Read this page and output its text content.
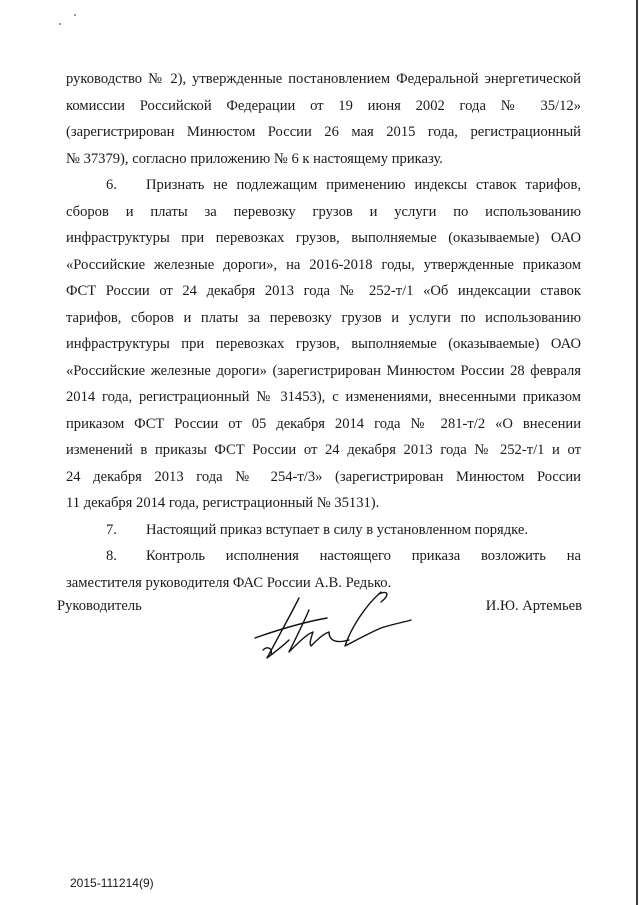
руководство № 2), утвержденные постановлением Федеральной энергетической
комиссии Российской Федерации от 19 июня 2002 года № 35/12»
(зарегистрирован Минюстом России 26 мая 2015 года, регистрационный
№ 37379), согласно приложению № 6 к настоящему приказу.
6. Признать не подлежащим применению индексы ставок тарифов,
сборов и платы за перевозку грузов и услуги по использованию
инфраструктуры при перевозках грузов, выполняемые (оказываемые) ОАО
«Российские железные дороги», на 2016-2018 годы, утвержденные приказом
ФСТ России от 24 декабря 2013 года № 252-т/1 «Об индексации ставок
тарифов, сборов и платы за перевозку грузов и услуги по использованию
инфраструктуры при перевозках грузов, выполняемые (оказываемые) ОАО
«Российские железные дороги» (зарегистрирован Минюстом России 28 февраля
2014 года, регистрационный № 31453), с изменениями, внесенными приказом
приказом ФСТ России от 05 декабря 2014 года № 281-т/2 «О внесении
изменений в приказы ФСТ России от 24 декабря 2013 года № 252-т/1 и от
24 декабря 2013 года № 254-т/3» (зарегистрирован Минюстом России
11 декабря 2014 года, регистрационный № 35131).
7. Настоящий приказ вступает в силу в установленном порядке.
8. Контроль исполнения настоящего приказа возложить на
заместителя руководителя ФАС России А.В. Редько.
Руководитель	И.Ю. Артемьев
2015-111214(9)
